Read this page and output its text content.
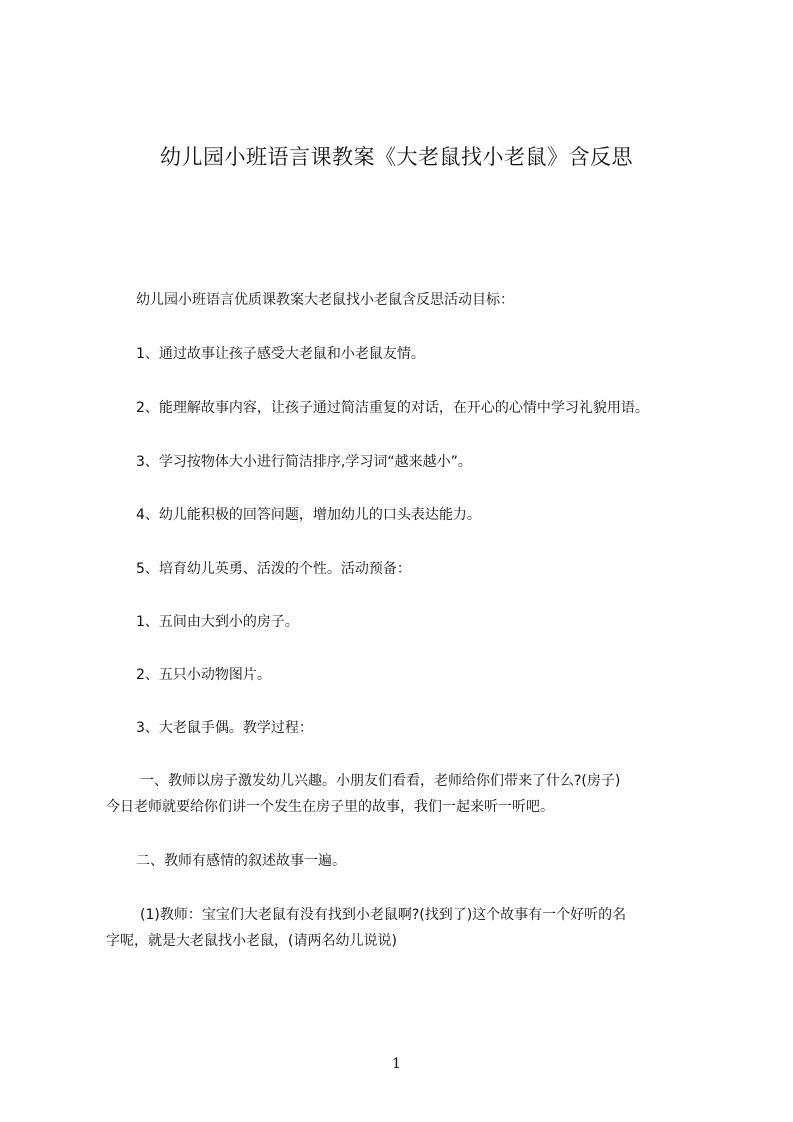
幼儿园小班语言课教案《大老鼠找小老鼠》含反思

幼儿园小班语言优质课教案大老鼠找小老鼠含反思活动目标：

1、通过故事让孩子感受大老鼠和小老鼠友情。

2、能理解故事内容，让孩子通过简洁重复的对话，在开心的心情中学习礼貌用语。

3、学习按物体大小进行简洁排序,学习词“越来越小”。

4、幼儿能积极的回答问题，增加幼儿的口头表达能力。

5、培育幼儿英勇、活泼的个性。活动预备：

1、五间由大到小的房子。

2、五只小动物图片。

3、大老鼠手偶。教学过程：

一、教师以房子激发幼儿兴趣。小朋友们看看，老师给你们带来了什么?(房子)

今日老师就要给你们讲一个发生在房子里的故事，我们一起来听一听吧。

二、教师有感情的叙述故事一遍。

(1)教师：宝宝们大老鼠有没有找到小老鼠啊?(找到了)这个故事有一个好听的名

字呢，就是大老鼠找小老鼠，(请两名幼儿说说)

1
